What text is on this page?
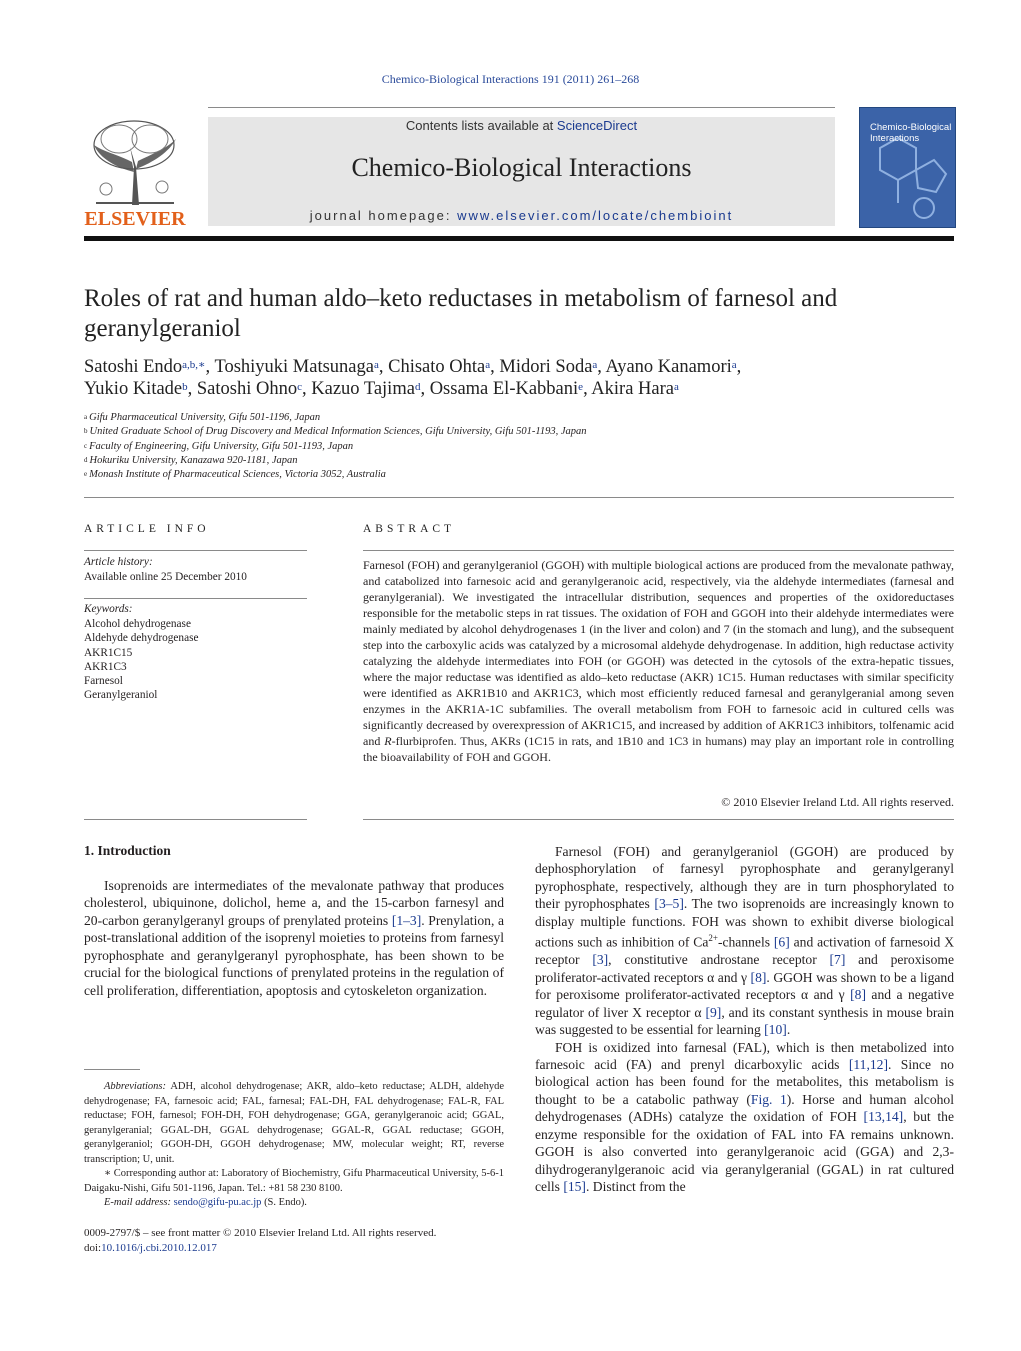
Chemico-Biological Interactions 191 (2011) 261–268
ELSEVIER
Contents lists available at ScienceDirect
Chemico-Biological Interactions
journal homepage: www.elsevier.com/locate/chembioint
Chemico-Biological Interactions
Roles of rat and human aldo–keto reductases in metabolism of farnesol and geranylgeraniol
Satoshi Endo$^{a,b,∗}$, Toshiyuki Matsunaga$^a$, Chisato Ohta$^a$, Midori Soda$^a$, Ayano Kanamori$^a$,
Yukio Kitade$^b$, Satoshi Ohno$^c$, Kazuo Tajima$^d$, Ossama El-Kabbani$^e$, Akira Hara$^a$
$^a$ Gifu Pharmaceutical University, Gifu 501-1196, Japan
$^b$ United Graduate School of Drug Discovery and Medical Information Sciences, Gifu University, Gifu 501-1193, Japan
$^c$ Faculty of Engineering, Gifu University, Gifu 501-1193, Japan
$^d$ Hokuriku University, Kanazawa 920-1181, Japan
$^e$ Monash Institute of Pharmaceutical Sciences, Victoria 3052, Australia
ARTICLE INFO
Article history:
Available online 25 December 2010
Keywords:
Alcohol dehydrogenase
Aldehyde dehydrogenase
AKR1C15
AKR1C3
Farnesol
Geranylgeraniol
ABSTRACT
Farnesol (FOH) and geranylgeraniol (GGOH) with multiple biological actions are produced from the mevalonate pathway, and catabolized into farnesoic acid and geranylgeranoic acid, respectively, via the aldehyde intermediates (farnesal and geranylgeranial). We investigated the intracellular distribution, sequences and properties of the oxidoreductases responsible for the metabolic steps in rat tissues. The oxidation of FOH and GGOH into their aldehyde intermediates were mainly mediated by alcohol dehydrogenases 1 (in the liver and colon) and 7 (in the stomach and lung), and the subsequent step into the carboxylic acids was catalyzed by a microsomal aldehyde dehydrogenase. In addition, high reductase activity catalyzing the aldehyde intermediates into FOH (or GGOH) was detected in the cytosols of the extra-hepatic tissues, where the major reductase was identified as aldo–keto reductase (AKR) 1C15. Human reductases with similar specificity were identified as AKR1B10 and AKR1C3, which most efficiently reduced farnesal and geranylgeranial among seven enzymes in the AKR1A-1C subfamilies. The overall metabolism from FOH to farnesoic acid in cultured cells was significantly decreased by overexpression of AKR1C15, and increased by addition of AKR1C3 inhibitors, tolfenamic acid and R-flurbiprofen. Thus, AKRs (1C15 in rats, and 1B10 and 1C3 in humans) may play an important role in controlling the bioavailability of FOH and GGOH.
© 2010 Elsevier Ireland Ltd. All rights reserved.
1. Introduction

Isoprenoids are intermediates of the mevalonate pathway that produces cholesterol, ubiquinone, dolichol, heme a, and the 15-carbon farnesyl and 20-carbon geranylgeranyl groups of prenylated proteins [1–3]. Prenylation, a post-translational addition of the isoprenyl moieties to proteins from farnesyl pyrophosphate and geranylgeranyl pyrophosphate, has been shown to be crucial for the biological functions of prenylated proteins in the regulation of cell proliferation, differentiation, apoptosis and cytoskeleton organization.

Farnesol (FOH) and geranylgeraniol (GGOH) are produced by dephosphorylation of farnesyl pyrophosphate and geranylgeranyl pyrophosphate, respectively, although they are in turn phosphorylated to their pyrophosphates [3–5]. The two isoprenoids are increasingly known to display multiple functions. FOH was shown to exhibit diverse biological actions such as inhibition of $Ca^{2+}$-channels [6] and activation of farnesoid X receptor [3], constitutive androstane receptor [7] and peroxisome proliferator-activated receptors α and γ [8]. GGOH was shown to be a ligand for peroxisome proliferator-activated receptors α and γ [8] and a negative regulator of liver X receptor α [9], and its constant synthesis in mouse brain was suggested to be essential for learning [10].

FOH is oxidized into farnesal (FAL), which is then metabolized into farnesoic acid (FA) and prenyl dicarboxylic acids [11,12]. Since no biological action has been found for the metabolites, this metabolism is thought to be a catabolic pathway (Fig. 1). Horse and human alcohol dehydrogenases (ADHs) catalyze the oxidation of FOH [13,14], but the enzyme responsible for the oxidation of FAL into FA remains unknown. GGOH is also converted into geranylgeranoic acid (GGA) and 2,3-dihydrogeranylgeranoic acid via geranylgeranial (GGAL) in rat cultured cells [15]. Distinct from the

Abbreviations: ADH, alcohol dehydrogenase; AKR, aldo–keto reductase; ALDH, aldehyde dehydrogenase; FA, farnesoic acid; FAL, farnesal; FAL-DH, FAL dehydrogenase; FAL-R, FAL reductase; FOH, farnesol; FOH-DH, FOH dehydrogenase; GGA, geranylgeranoic acid; GGAL, geranylgeranial; GGAL-DH, GGAL dehydrogenase; GGAL-R, GGAL reductase; GGOH, geranylgeraniol; GGOH-DH, GGOH dehydrogenase; MW, molecular weight; RT, reverse transcription; U, unit.

∗ Corresponding author at: Laboratory of Biochemistry, Gifu Pharmaceutical University, 5-6-1 Daigaku-Nishi, Gifu 501-1196, Japan. Tel.: +81 58 230 8100.

E-mail address: sendo@gifu-pu.ac.jp (S. Endo).

0009-2797/$ – see front matter © 2010 Elsevier Ireland Ltd. All rights reserved.
doi:10.1016/j.cbi.2010.12.017
